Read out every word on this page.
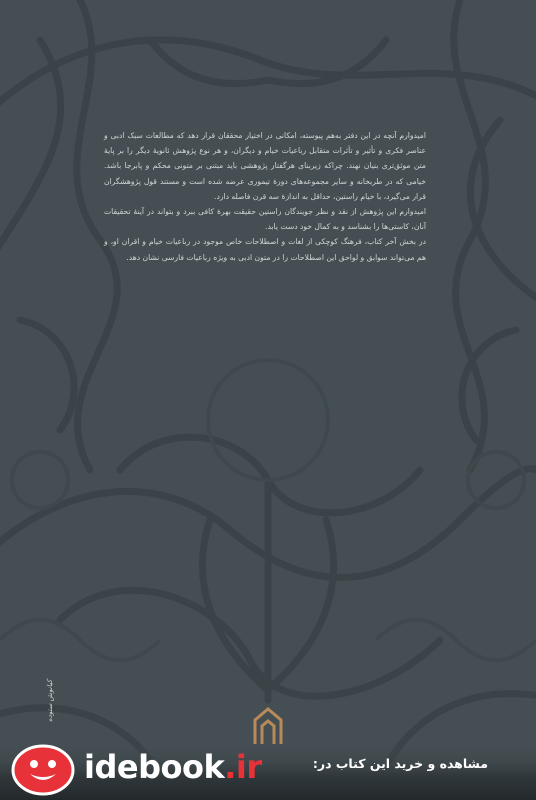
امیدوارم آنچه در این دفتر به‌هم پیوسته، امکانی در اختیار محققان قرار دهد که مطالعات سبک ادبی و عناصر فکری و تأثیر و تأثرات متقابل رباعیات خیام و دیگران، و هر نوع پژوهش ثانویهٔ دیگر را بر پایهٔ متن موثق‌تری بنیان نهند. چراکه زیربنای هرگفتار پژوهشی باید مبتنی بر متونی محکم و پابرجا باشد. خیامی که در طربخانه و سایر مجموعه‌های دورهٔ تیموری عرضه شده است و مستند قول پژوهشگران قرار می‌گیرد، با خیام راستین، حداقل به اندازهٔ سه قرن فاصله دارد.

امیدوارم این پژوهش از نقد و نظر جویندگان راستین حقیقت بهرهٔ کافی ببرد و بتواند در آینهٔ تحقیقات آنان، کاستی‌ها را بشناسد و به کمال خود دست یابد.

در بخش آخر کتاب، فرهنگ کوچکی از لغات و اصطلاحات خاص موجود در رباعیات خیام و اقران او، و هم می‌تواند سوابق و لواحق این اصطلاحات را در متون ادبی به ویژه رباعیات فارسی نشان دهد.

کیانوش ستوده
idebook.ir	مشاهده و خرید این کتاب در:
